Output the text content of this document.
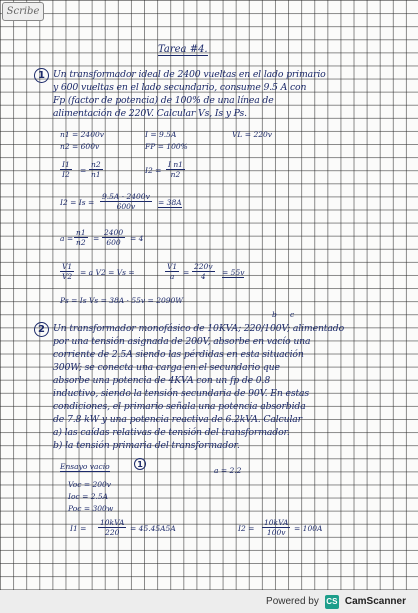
Scribe
Tarea #4.
1 Un transformador ideal de 2400 vueltas en el lado primario
y 600 vueltas en el lado secundario, consume 9.5 A con
Fp (factor de potencia) de 100% de una línea de
alimentación de 220V. Calcular Vs, Is y Ps.
n1 = 2400v
n2 = 600v
I = 9.5A
FP = 100%
VL = 220v
$\frac{I1}{I2} = \frac{n2}{n1}$	$I2 = \frac{\text{I n1}}{n2}$
$I2 = Is = \frac{9.5A \cdot 2400v}{600v} = 38A$
$a = \frac{n1}{n2} = \frac{2400}{600} = 4$
$\frac{V1}{V2} = a$ V2 = Vs =	$\frac{V1}{a} = \frac{220v}{4} = 55v$
Ps = Is Vs = 38A · 55v = 2090W
b c
2 Un transformador monofásico de 10KVA; 220/100V; alimentado
por una tensión asignada de 200V, absorbe en vacío una
corriente de 2.5A siendo las pérdidas en esta situación
300W; se conecta una carga en el secundario que
absorbe una potencia de 4KVA con un fp de 0.8
inductivo, siendo la tensión secundaria de 90V. En estas
condiciones, el primario señala una potencia absorbida
de 7.8 kW y una potencia reactiva de 6.2kVA. Calcular
a) las caídas relativas de tensión del transformador.
b) la tensión primaria del transformador.
Ensayo vacío	1
a = 2.2
Voc = 200v
Ioc = 2.5A
Poc = 300w
I1 =
10kVA
220	= 45.45A5A	I2 =
10kVA
100v	= 100A
Powered by CS CamScanner
